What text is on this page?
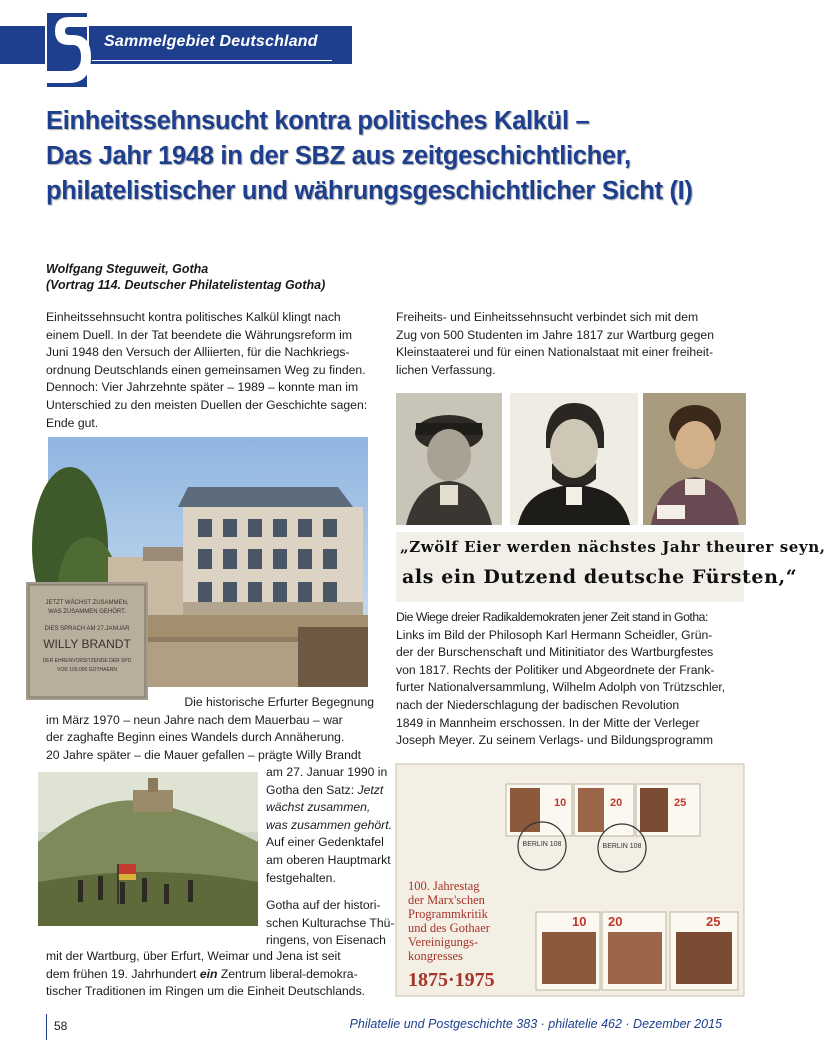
Sammelgebiet Deutschland
Einheitssehnsucht kontra politisches Kalkül –
Das Jahr 1948 in der SBZ aus zeitgeschichtlicher,
philatelistischer und währungsgeschichtlicher Sicht (I)
Wolfgang Steguweit, Gotha
(Vortrag 114. Deutscher Philatelistentag Gotha)
Einheitssehnsucht kontra politisches Kalkül klingt nach
einem Duell. In der Tat beendete die Währungsreform im
Juni 1948 den Versuch der Alliierten, für die Nachkriegs-
ordnung Deutschlands einen gemeinsamen Weg zu finden.
Dennoch: Vier Jahrzehnte später – 1989 – konnte man im
Unterschied zu den meisten Duellen der Geschichte sagen:
Ende gut.
JETZT WÄCHST ZUSAMMEN,
WAS ZUSAMMEN GEHÖRT.
DIES SPRACH AM 27.JANUAR
WILLY BRANDT
DER EHRENVORSITZENDE DER SPD
VOR 100.000 GOTHAERN
Die historische Erfurter Begegnung
im März 1970 – neun Jahre nach dem Mauerbau – war
der zaghafte Beginn eines Wandels durch Annäherung.
20 Jahre später – die Mauer gefallen – prägte Willy Brandt
am 27. Januar 1990 in
Gotha den Satz: Jetzt
wächst zusammen,
was zusammen gehört.
Auf einer Gedenktafel
am oberen Hauptmarkt
festgehalten.
Gotha auf der histori-
schen Kulturachse Thü-
ringens, von Eisenach
mit der Wartburg, über Erfurt, Weimar und Jena ist seit
dem frühen 19. Jahrhundert ein Zentrum liberal-demokra-
tischer Traditionen im Ringen um die Einheit Deutschlands.
Freiheits- und Einheitssehnsucht verbindet sich mit dem
Zug von 500 Studenten im Jahre 1817 zur Wartburg gegen
Kleinstaaterei und für einen Nationalstaat mit einer freiheit-
lichen Verfassung.
„Zwölf Eier werden nächstes Jahr theurer seyn,
als ein Dutzend deutsche Fürsten,“
Die Wiege dreier Radikaldemokraten jener Zeit stand in Gotha:
Links im Bild der Philosoph Karl Hermann Scheidler, Grün-
der der Burschenschaft und Mitinitiator des Wartburgfestes
von 1817. Rechts der Politiker und Abgeordnete der Frank-
furter Nationalversammlung, Wilhelm Adolph von Trützschler,
nach der Niederschlagung der badischen Revolution
1849 in Mannheim erschossen. In der Mitte der Verleger
Joseph Meyer. Zu seinem Verlags- und Bildungsprogramm
10	20	25
BERLIN 108	BERLIN 108
100. Jahrestag
der Marx'schen
Programmkritik
und des Gothaer
Vereinigungs-
kongresses
1875·1975
10 20	25
58	Philatelie und Postgeschichte 383 · philatelie 462 · Dezember 2015
